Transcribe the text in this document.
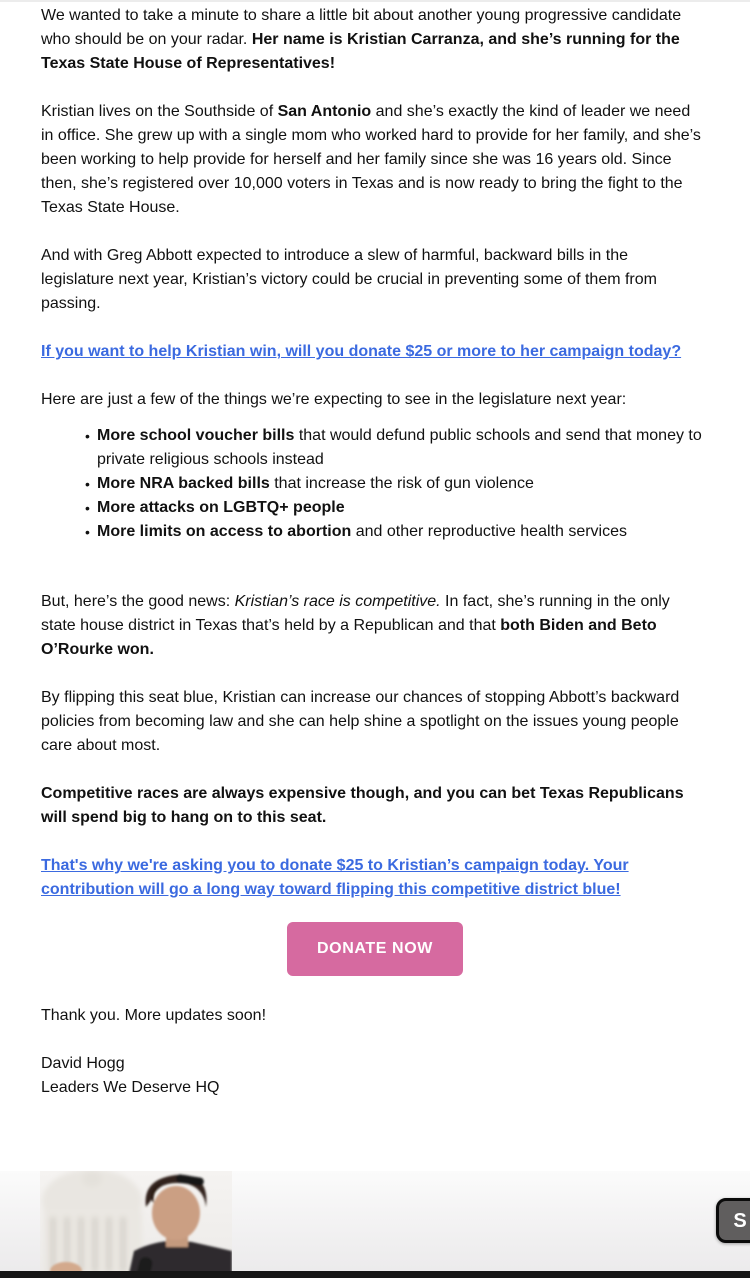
We wanted to take a minute to share a little bit about another young progressive candidate who should be on your radar. Her name is Kristian Carranza, and she’s running for the Texas State House of Representatives!

Kristian lives on the Southside of San Antonio and she’s exactly the kind of leader we need in office. She grew up with a single mom who worked hard to provide for her family, and she’s been working to help provide for herself and her family since she was 16 years old. Since then, she’s registered over 10,000 voters in Texas and is now ready to bring the fight to the Texas State House.

And with Greg Abbott expected to introduce a slew of harmful, backward bills in the legislature next year, Kristian’s victory could be crucial in preventing some of them from passing.

If you want to help Kristian win, will you donate $25 or more to her campaign today?

Here are just a few of the things we’re expecting to see in the legislature next year:

• More school voucher bills that would defund public schools and send that money to private religious schools instead
• More NRA backed bills that increase the risk of gun violence
• More attacks on LGBTQ+ people
• More limits on access to abortion and other reproductive health services

But, here’s the good news: Kristian’s race is competitive. In fact, she’s running in the only state house district in Texas that’s held by a Republican and that both Biden and Beto O’Rourke won.

By flipping this seat blue, Kristian can increase our chances of stopping Abbott’s backward policies from becoming law and she can help shine a spotlight on the issues young people care about most.

Competitive races are always expensive though, and you can bet Texas Republicans will spend big to hang on to this seat.

That's why we're asking you to donate $25 to Kristian’s campaign today. Your contribution will go a long way toward flipping this competitive district blue!
DONATE NOW

Thank you. More updates soon!

David Hogg

Leaders We Deserve HQ

S
